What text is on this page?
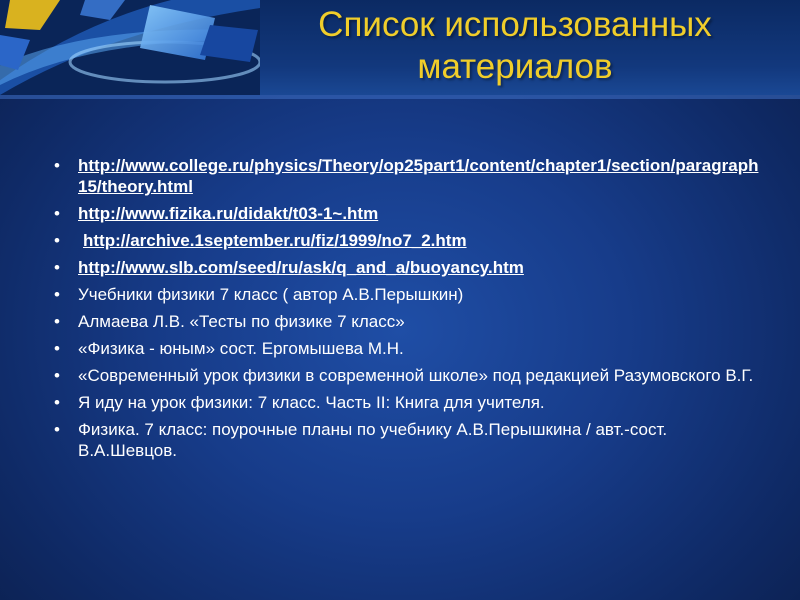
Список использованных
материалов
• http://www.college.ru/physics/Theory/op25part1/content/chapter1/section/paragraph15/theory.html
• http://www.fizika.ru/didakt/t03-1~.htm
• http://archive.1september.ru/fiz/1999/no7_2.htm
• http://www.slb.com/seed/ru/ask/q_and_a/buoyancy.htm
• Учебники физики 7 класс ( автор А.В.Перышкин)
• Алмаева Л.В. «Тесты по физике 7 класс»
• «Физика - юным» сост. Ергомышева М.Н.
• «Современный урок физики в современной школе» под редакцией Разумовского В.Г.
• Я иду на урок физики: 7 класс. Часть II: Книга для учителя.
• Физика. 7 класс: поурочные планы по учебнику А.В.Перышкина / авт.-сост. В.А.Шевцов.
